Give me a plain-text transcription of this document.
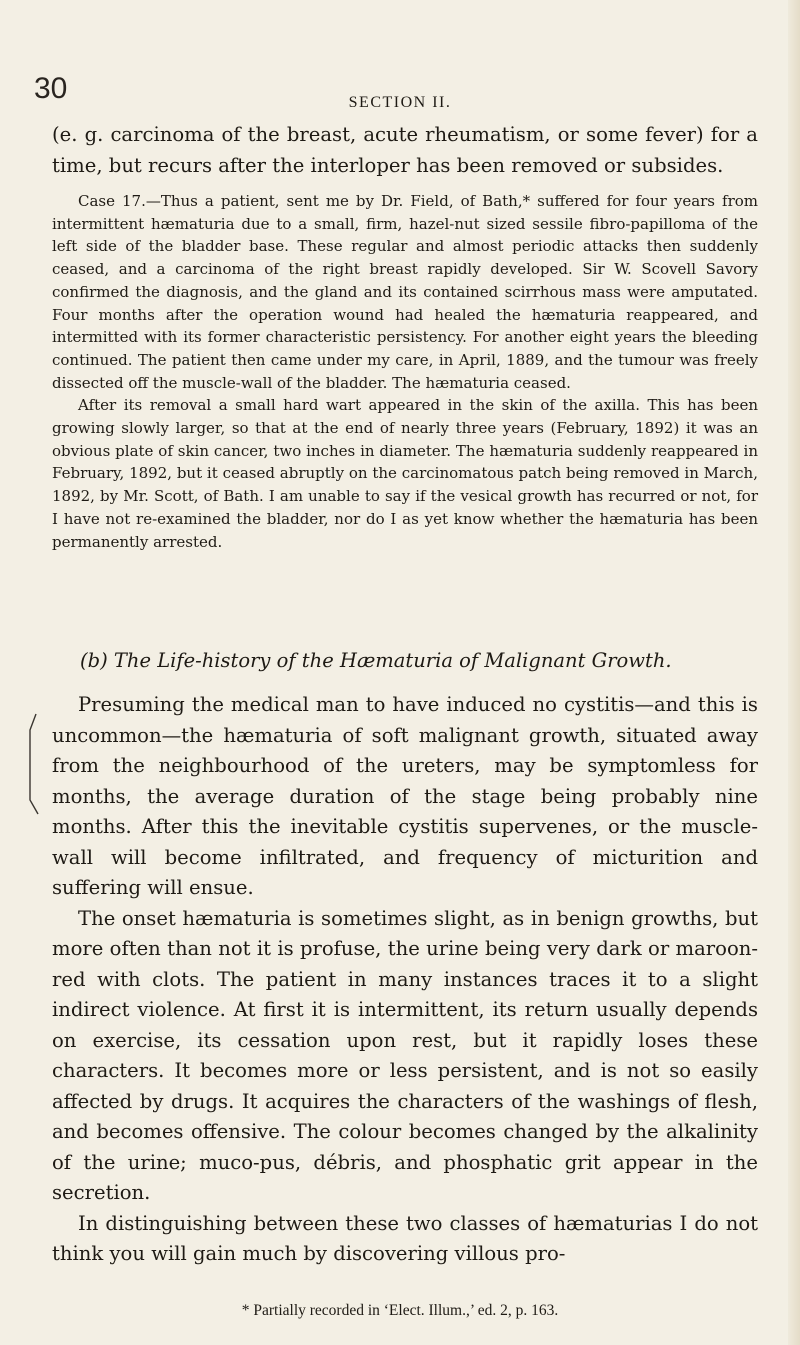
30	SECTION II.

(e. g. carcinoma of the breast, acute rheumatism, or some fever) for a time, but recurs after the interloper has been removed or subsides.

Case 17.—Thus a patient, sent me by Dr. Field, of Bath,* suffered for four years from intermittent hæmaturia due to a small, firm, hazel-nut sized sessile fibro-papilloma of the left side of the bladder base. These regular and almost periodic attacks then suddenly ceased, and a carcinoma of the right breast rapidly developed. Sir W. Scovell Savory confirmed the diagnosis, and the gland and its contained scirrhous mass were amputated. Four months after the operation wound had healed the hæmaturia reappeared, and intermitted with its former characteristic persistency. For another eight years the bleeding continued. The patient then came under my care, in April, 1889, and the tumour was freely dissected off the muscle-wall of the bladder. The hæmaturia ceased.

After its removal a small hard wart appeared in the skin of the axilla. This has been growing slowly larger, so that at the end of nearly three years (February, 1892) it was an obvious plate of skin cancer, two inches in diameter. The hæmaturia suddenly reappeared in February, 1892, but it ceased abruptly on the carcinomatous patch being removed in March, 1892, by Mr. Scott, of Bath. I am unable to say if the vesical growth has recurred or not, for I have not re-examined the bladder, nor do I as yet know whether the hæmaturia has been permanently arrested.

(b) The Life-history of the Hæmaturia of Malignant Growth.

Presuming the medical man to have induced no cystitis—and this is uncommon—the hæmaturia of soft malignant growth, situated away from the neighbourhood of the ureters, may be symptomless for months, the average duration of the stage being probably nine months. After this the inevitable cystitis supervenes, or the muscle-wall will become infiltrated, and frequency of micturition and suffering will ensue.

The onset hæmaturia is sometimes slight, as in benign growths, but more often than not it is profuse, the urine being very dark or maroon-red with clots. The patient in many instances traces it to a slight indirect violence. At first it is intermittent, its return usually depends on exercise, its cessation upon rest, but it rapidly loses these characters. It becomes more or less persistent, and is not so easily affected by drugs. It acquires the characters of the washings of flesh, and becomes offensive. The colour becomes changed by the alkalinity of the urine; muco-pus, débris, and phosphatic grit appear in the secretion.

In distinguishing between these two classes of hæmaturias I do not think you will gain much by discovering villous pro-

* Partially recorded in ‘Elect. Illum.,’ ed. 2, p. 163.
